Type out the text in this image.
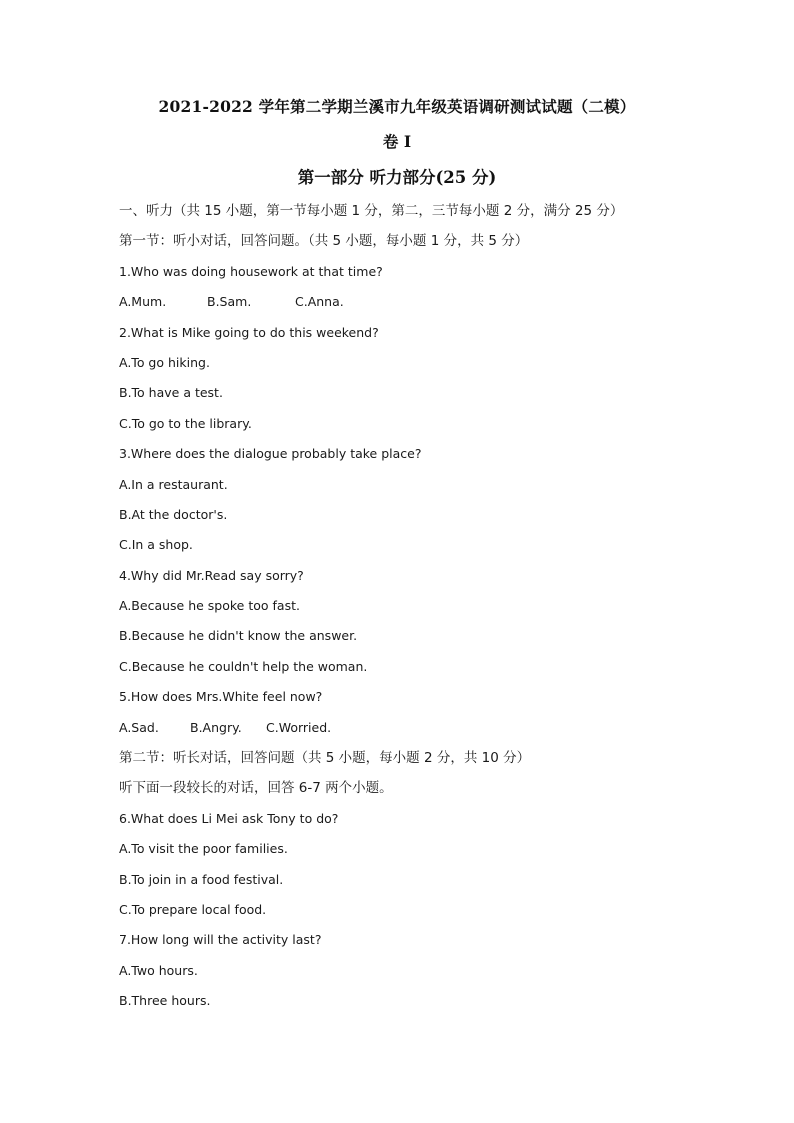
2021-2022 学年第二学期兰溪市九年级英语调研测试试题（二模）
卷 I
第一部分 听力部分(25 分)
一、听力（共 15 小题，第一节每小题 1 分，第二，三节每小题 2 分，满分 25 分）
第一节：听小对话，回答问题。（共 5 小题，每小题 1 分，共 5 分）
1.Who was doing housework at that time?
A.Mum.	B.Sam.	C.Anna.
2.What is Mike going to do this weekend?
A.To go hiking.
B.To have a test.
C.To go to the library.
3.Where does the dialogue probably take place?
A.In a restaurant.
B.At the doctor's.
C.In a shop.
4.Why did Mr.Read say sorry?
A.Because he spoke too fast.
B.Because he didn't know the answer.
C.Because he couldn't help the woman.
5.How does Mrs.White feel now?
A.Sad. B.Angry. C.Worried.
第二节：听长对话，回答问题（共 5 小题，每小题 2 分，共 10 分）
听下面一段较长的对话，回答 6-7 两个小题。
6.What does Li Mei ask Tony to do?
A.To visit the poor families.
B.To join in a food festival.
C.To prepare local food.
7.How long will the activity last?
A.Two hours.
B.Three hours.
